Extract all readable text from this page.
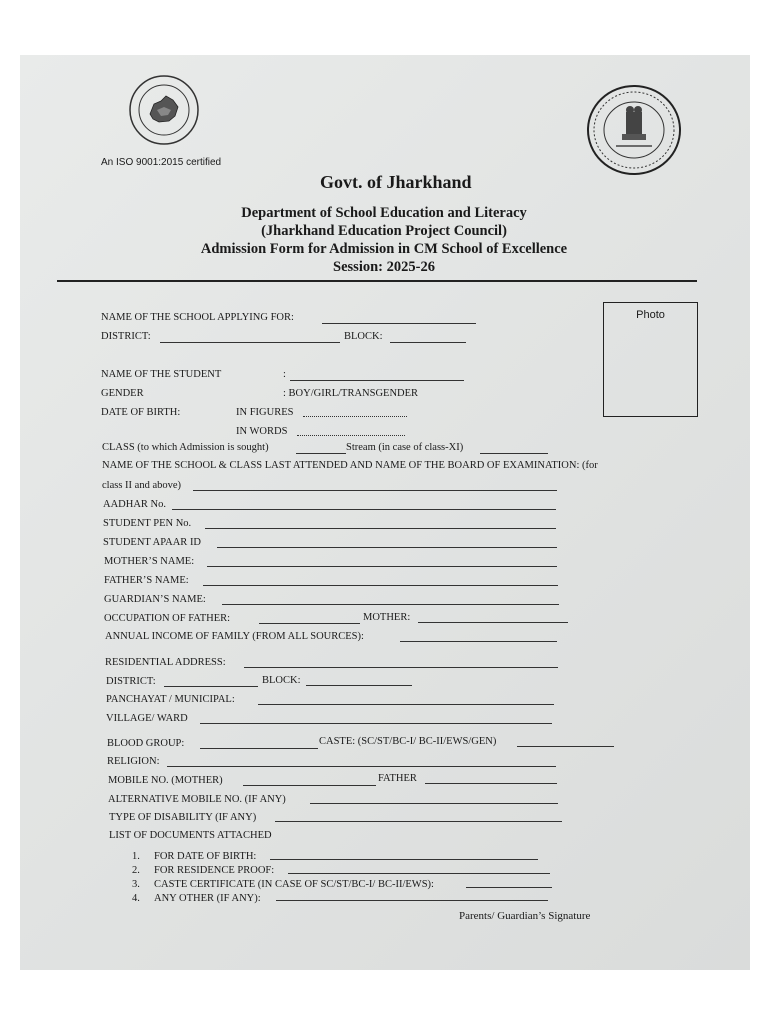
An ISO 9001:2015 certified
Govt. of Jharkhand
Department of School Education and Literacy
(Jharkhand Education Project Council)
Admission Form for Admission in CM School of Excellence
Session: 2025-26
Photo
NAME OF THE SCHOOL APPLYING FOR:
DISTRICT:	BLOCK:
NAME OF THE STUDENT	:
GENDER	: BOY/GIRL/TRANSGENDER
DATE OF BIRTH:	IN FIGURES
IN WORDS
CLASS (to which Admission is sought)	Stream (in case of class-XI)
NAME OF THE SCHOOL & CLASS LAST ATTENDED AND NAME OF THE BOARD OF EXAMINATION: (for
class II and above)
AADHAR No.
STUDENT PEN No.
STUDENT APAAR ID
MOTHER’S NAME:
FATHER’S NAME:
GUARDIAN’S NAME:
OCCUPATION OF FATHER:	MOTHER:
ANNUAL INCOME OF FAMILY (FROM ALL SOURCES):
RESIDENTIAL ADDRESS:
DISTRICT:	BLOCK:
PANCHAYAT / MUNICIPAL:
VILLAGE/ WARD
BLOOD GROUP:	CASTE: (SC/ST/BC-I/ BC-II/EWS/GEN)
RELIGION:
MOBILE NO. (MOTHER)	FATHER
ALTERNATIVE MOBILE NO. (IF ANY)
TYPE OF DISABILITY (IF ANY)
LIST OF DOCUMENTS ATTACHED
1. FOR DATE OF BIRTH:
2. FOR RESIDENCE PROOF:
3. CASTE CERTIFICATE (IN CASE OF SC/ST/BC-I/ BC-II/EWS):
4. ANY OTHER (IF ANY):
Parents/ Guardian’s Signature
